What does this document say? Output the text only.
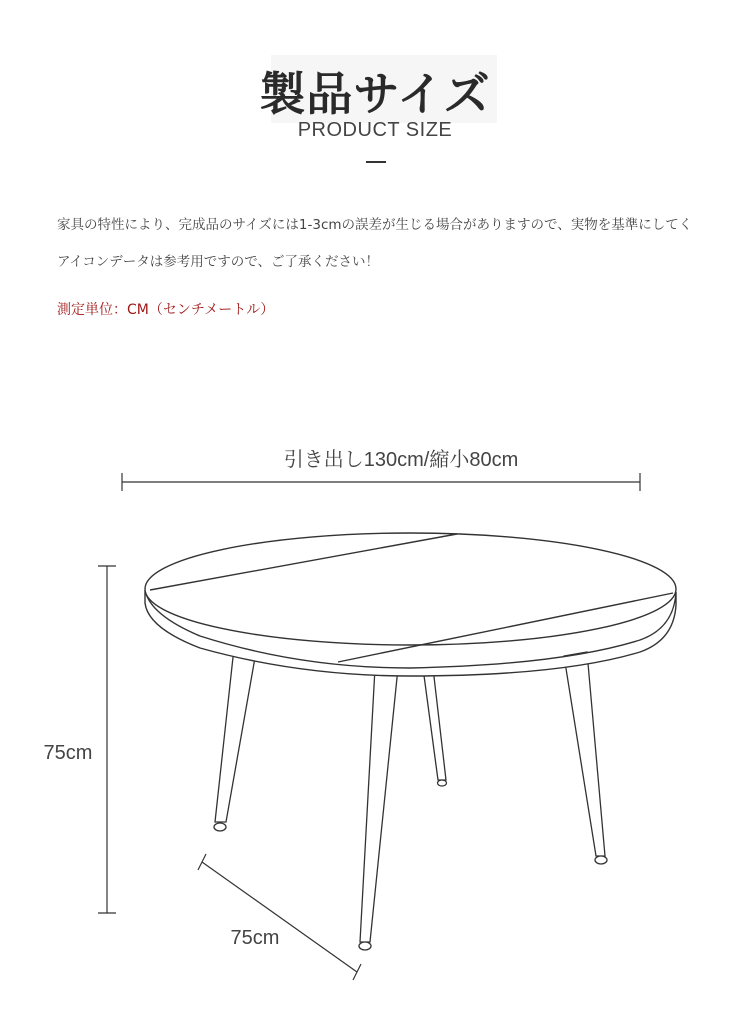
製品サイズ
PRODUCT SIZE
家具の特性により、完成品のサイズには1-3cmの誤差が生じる場合がありますので、実物を基準にしてく
アイコンデータは参考用ですので、ご了承ください！
測定単位：CM（センチメートル）
引き出し130cm/縮小80cm
75cm
75cm
